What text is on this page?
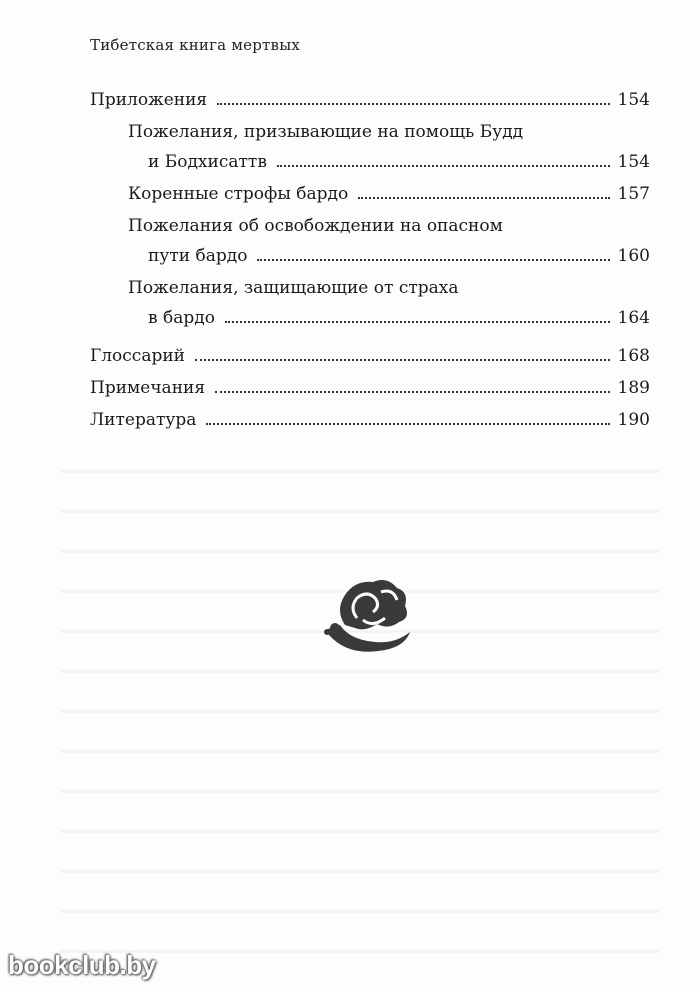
Тибетская книга мертвых
Приложения	154
Пожелания, призывающие на помощь Будд
и Бодхисаттв	154
Коренные строфы бардо	157
Пожелания об освобождении на опасном
пути бардо	160
Пожелания, защищающие от страха
в бардо	164
Глоссарий	168
Примечания	189
Литература	190
bookclub.by
